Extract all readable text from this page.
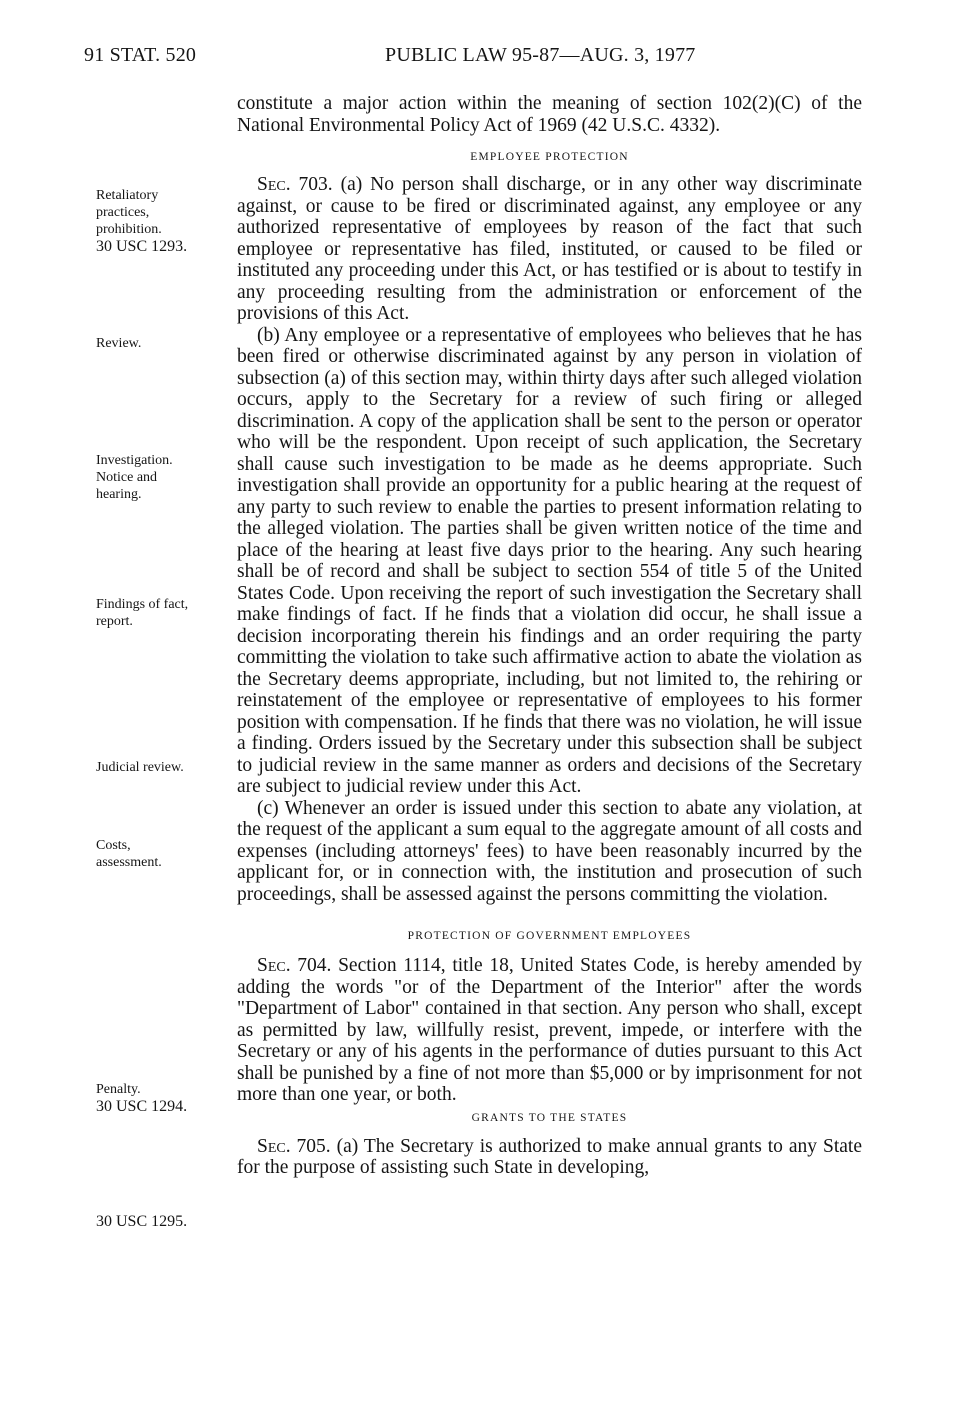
91 STAT. 520	PUBLIC LAW 95-87—AUG. 3, 1977
Retaliatory
practices,
prohibition.
30 USC 1293.
Review.
Investigation.
Notice and
hearing.
Findings of fact,
report.
Judicial review.
Costs,
assessment.
Penalty.
30 USC 1294.
30 USC 1295.

constitute a major action within the meaning of section 102(2)(C) of the National Environmental Policy Act of 1969 (42 U.S.C. 4332).

EMPLOYEE PROTECTION

Sec. 703. (a) No person shall discharge, or in any other way discriminate against, or cause to be fired or discriminated against, any employee or any authorized representative of employees by reason of the fact that such employee or representative has filed, instituted, or caused to be filed or instituted any proceeding under this Act, or has testified or is about to testify in any proceeding resulting from the administration or enforcement of the provisions of this Act.

(b) Any employee or a representative of employees who believes that he has been fired or otherwise discriminated against by any person in violation of subsection (a) of this section may, within thirty days after such alleged violation occurs, apply to the Secretary for a review of such firing or alleged discrimination. A copy of the application shall be sent to the person or operator who will be the respondent. Upon receipt of such application, the Secretary shall cause such investigation to be made as he deems appropriate. Such investigation shall provide an opportunity for a public hearing at the request of any party to such review to enable the parties to present information relating to the alleged violation. The parties shall be given written notice of the time and place of the hearing at least five days prior to the hearing. Any such hearing shall be of record and shall be subject to section 554 of title 5 of the United States Code. Upon receiving the report of such investigation the Secretary shall make findings of fact. If he finds that a violation did occur, he shall issue a decision incorporating therein his findings and an order requiring the party committing the violation to take such affirmative action to abate the violation as the Secretary deems appropriate, including, but not limited to, the rehiring or reinstatement of the employee or representative of employees to his former position with compensation. If he finds that there was no violation, he will issue a finding. Orders issued by the Secretary under this subsection shall be subject to judicial review in the same manner as orders and decisions of the Secretary are subject to judicial review under this Act.

(c) Whenever an order is issued under this section to abate any violation, at the request of the applicant a sum equal to the aggregate amount of all costs and expenses (including attorneys' fees) to have been reasonably incurred by the applicant for, or in connection with, the institution and prosecution of such proceedings, shall be assessed against the persons committing the violation.

PROTECTION OF GOVERNMENT EMPLOYEES

Sec. 704. Section 1114, title 18, United States Code, is hereby amended by adding the words "or of the Department of the Interior" after the words "Department of Labor" contained in that section. Any person who shall, except as permitted by law, willfully resist, prevent, impede, or interfere with the Secretary or any of his agents in the performance of duties pursuant to this Act shall be punished by a fine of not more than $5,000 or by imprisonment for not more than one year, or both.

GRANTS TO THE STATES

Sec. 705. (a) The Secretary is authorized to make annual grants to any State for the purpose of assisting such State in developing,
